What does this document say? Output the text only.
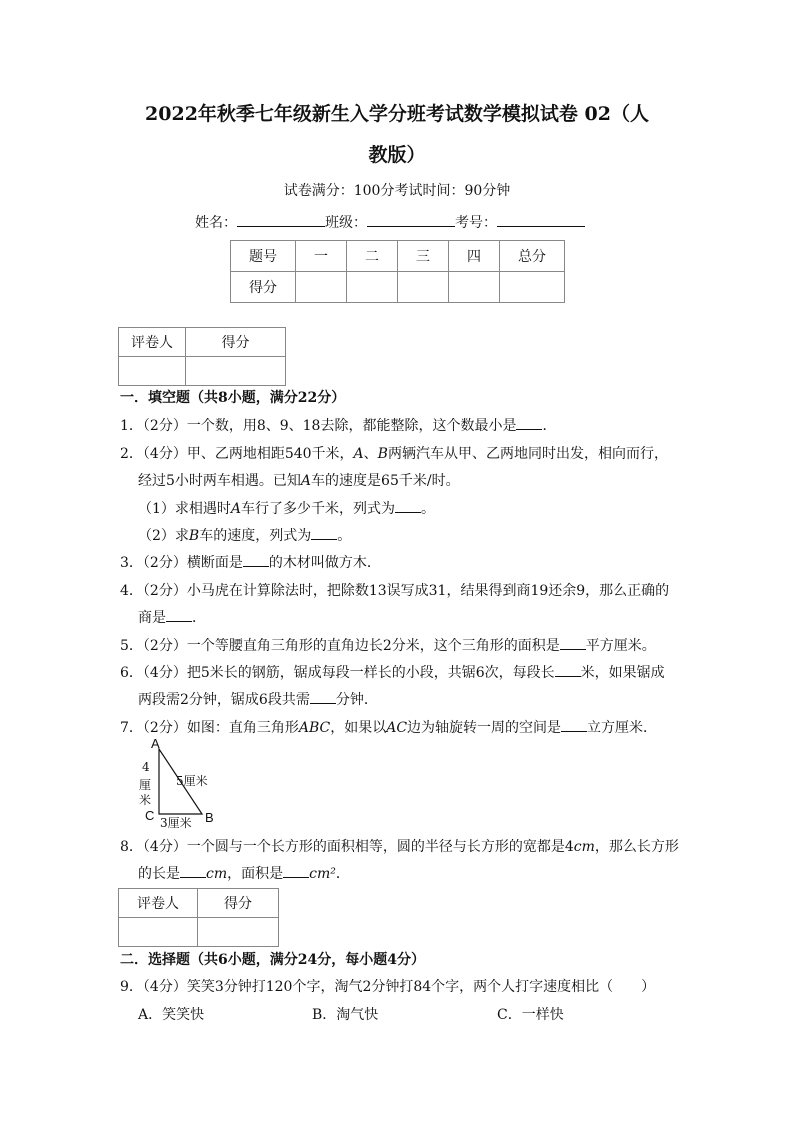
2022年秋季七年级新生入学分班考试数学模拟试卷 02（人
教版）
试卷满分：100分考试时间：90分钟
姓名：	班级：	考号：
题号	一	二	三	四	总分
得分					
评卷人	得分

一．填空题（共8小题，满分22分）
1．（2分）一个数，用8、9、18去除，都能整除，这个数最小是 ．
2．（4分）甲、乙两地相距540千米，A、B两辆汽车从甲、乙两地同时出发，相向而行，
经过5小时两车相遇。已知A车的速度是65千米/时。
（1）求相遇时A车行了多少千米，列式为 。
（2）求B车的速度，列式为 。
3．（2分）横断面是 的木材叫做方木．
4．（2分）小马虎在计算除法时，把除数13误写成31，结果得到商19还余9，那么正确的
商是 ．
5．（2分）一个等腰直角三角形的直角边长2分米，这个三角形的面积是 平方厘米。
6．（4分）把5米长的钢筋，锯成每段一样长的小段，共锯6次，每段长 米，如果锯成
两段需2分钟，锯成6段共需 分钟．
7．（2分）如图：直角三角形ABC，如果以AC边为轴旋转一周的空间是 立方厘米．
A
B
C
4
厘
米
5厘米
3厘米
8．（4分）一个圆与一个长方形的面积相等，圆的半径与长方形的宽都是4cm，那么长方形
的长是 cm，面积是 cm²．
评卷人	得分

二．选择题（共6小题，满分24分，每小题4分）
9．（4分）笑笑3分钟打120个字，淘气2分钟打84个字，两个人打字速度相比（　　）
A．笑笑快	B．淘气快	C．一样快
